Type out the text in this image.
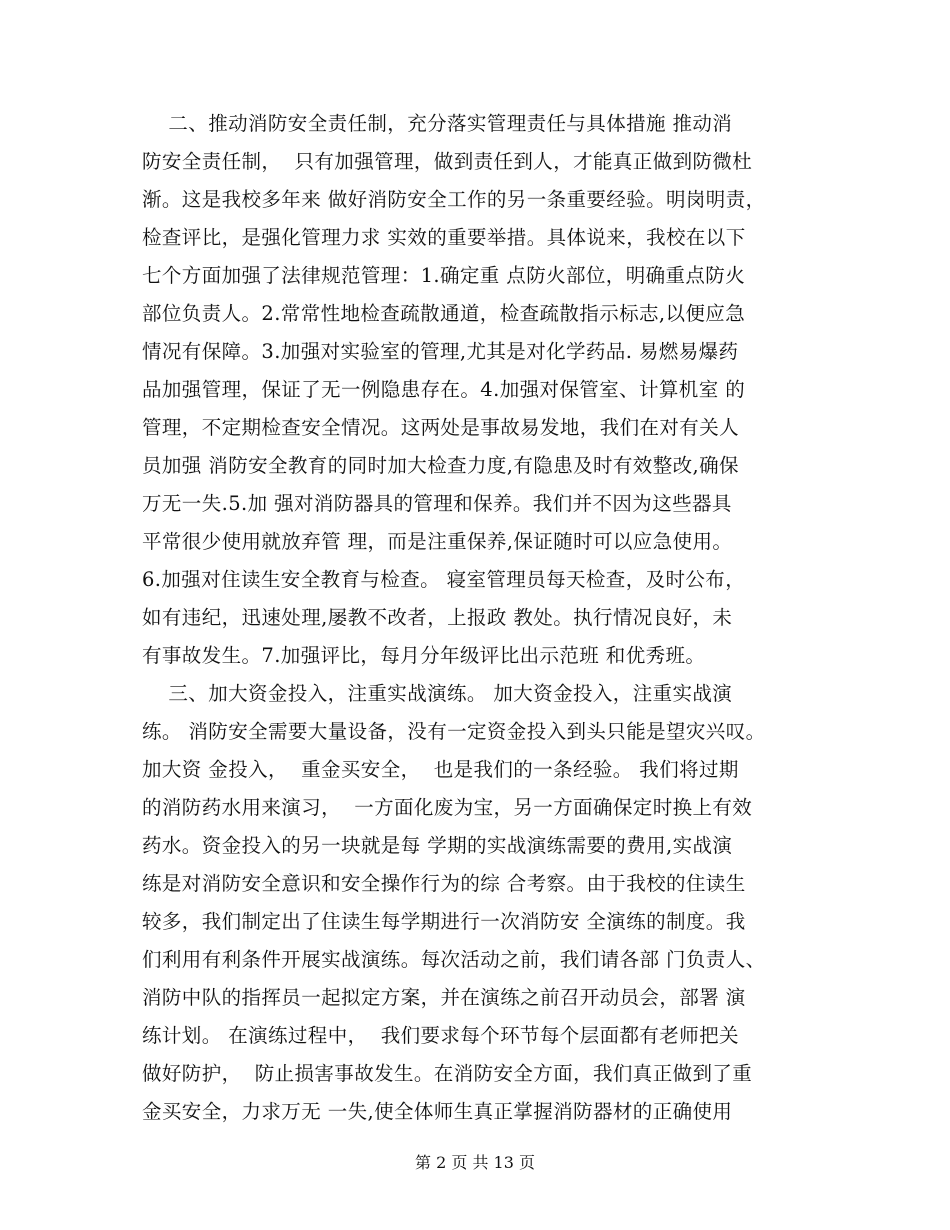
二、推动消防安全责任制，充分落实管理责任与具体措施 推动消
防安全责任制，  只有加强管理，做到责任到人，才能真正做到防微杜
渐。这是我校多年来 做好消防安全工作的另一条重要经验。明岗明责，
检查评比，是强化管理力求 实效的重要举措。具体说来，我校在以下
七个方面加强了法律规范管理：1.确定重 点防火部位，明确重点防火
部位负责人。2.常常性地检查疏散通道，检查疏散指示标志,以便应急
情况有保障。3.加强对实验室的管理,尤其是对化学药品. 易燃易爆药
品加强管理，保证了无一例隐患存在。4.加强对保管室、计算机室 的
管理，不定期检查安全情况。这两处是事故易发地，我们在对有关人
员加强 消防安全教育的同时加大检查力度,有隐患及时有效整改,确保
万无一失.5.加 强对消防器具的管理和保养。我们并不因为这些器具
平常很少使用就放弃管 理，而是注重保养,保证随时可以应急使用。
6.加强对住读生安全教育与检查。 寝室管理员每天检查，及时公布，
如有违纪，迅速处理,屡教不改者，上报政 教处。执行情况良好，未
有事故发生。7.加强评比，每月分年级评比出示范班 和优秀班。
三、加大资金投入，注重实战演练。 加大资金投入，注重实战演
练。 消防安全需要大量设备，没有一定资金投入到头只能是望灾兴叹。
加大资 金投入，  重金买安全，  也是我们的一条经验。 我们将过期
的消防药水用来演习，  一方面化废为宝，另一方面确保定时换上有效
药水。资金投入的另一块就是每 学期的实战演练需要的费用,实战演
练是对消防安全意识和安全操作行为的综 合考察。由于我校的住读生
较多，我们制定出了住读生每学期进行一次消防安 全演练的制度。我
们利用有利条件开展实战演练。每次活动之前，我们请各部 门负责人、
消防中队的指挥员一起拟定方案，并在演练之前召开动员会，部署 演
练计划。 在演练过程中，  我们要求每个环节每个层面都有老师把关
做好防护，  防止损害事故发生。在消防安全方面，我们真正做到了重
金买安全，力求万无 一失,使全体师生真正掌握消防器材的正确使用
第 2 页 共 13 页
